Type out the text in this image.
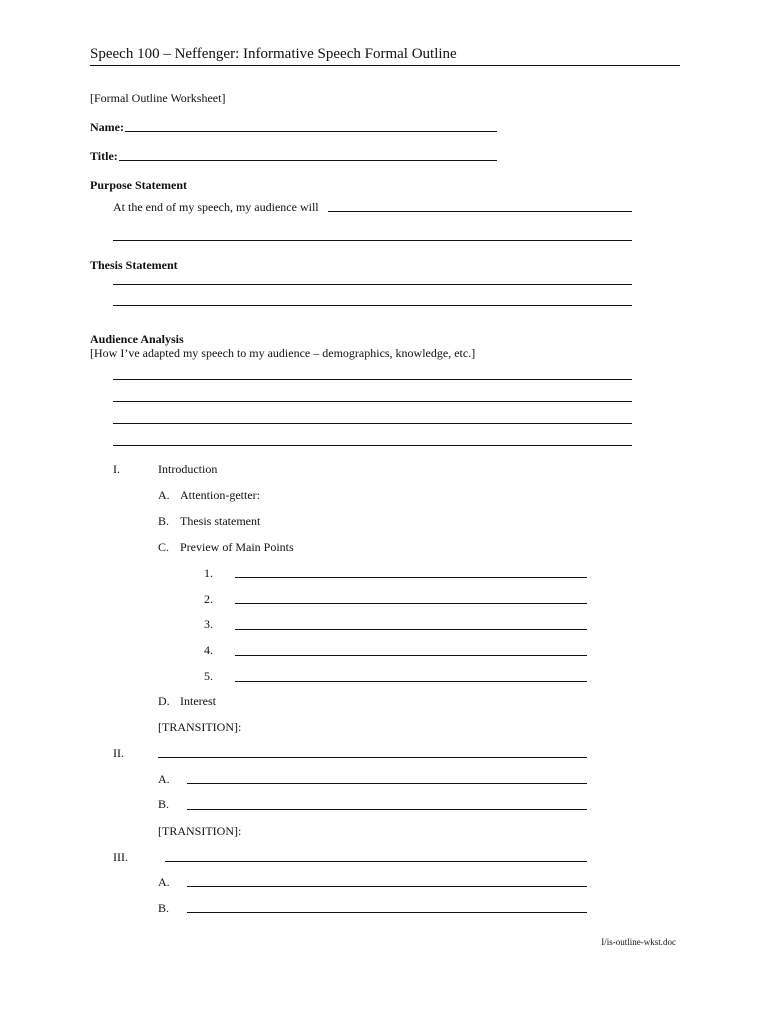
Speech 100 – Neffenger: Informative Speech Formal Outline
[Formal Outline Worksheet]
Name:
Title:
Purpose Statement
At the end of my speech, my audience will
Thesis Statement
Audience Analysis
[How I’ve adapted my speech to my audience – demographics, knowledge, etc.]
I.	Introduction
A. Attention-getter:
B. Thesis statement
C. Preview of Main Points
1.
2.
3.
4.
5.
D. Interest
[TRANSITION]:
II.
A.
B.
[TRANSITION]:
III.
A.
B.
I/is-outline-wkst.doc
